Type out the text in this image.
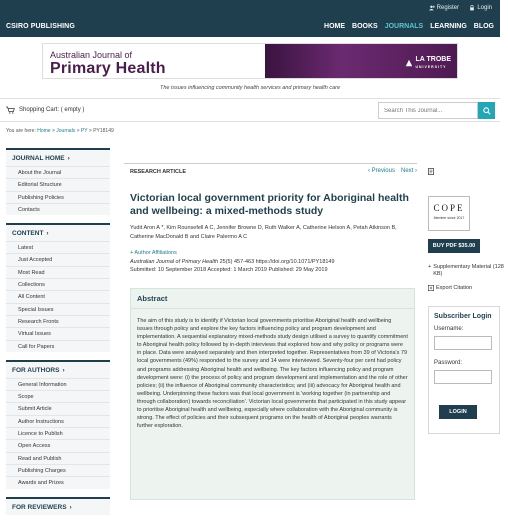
Register	Login
CSIRO PUBLISHING	HOME BOOKS JOURNALS LEARNING BLOG
Australian Journal of
Primary Health
LA TROBE
UNIVERSITY
The issues influencing community health services and primary health care
Shopping Cart: ( empty )
Search This Journal...
You are here: Home > Journals > PY > PY18149
JOURNAL HOME ›
About the Journal
Editorial Structure
Publishing Policies
Contacts
CONTENT ›
Latest
Just Accepted
Most Read
Collections
All Content
Special Issues
Research Fronts
Virtual Issues
Call for Papers
FOR AUTHORS ›
General Information
Scope
Submit Article
Author Instructions
Licence to Publish
Open Access
Read and Publish
Publishing Charges
Awards and Prizes
FOR REVIEWERS ›
RESEARCH ARTICLE	‹ Previous Next ›
Victorian local government priority for Aboriginal health and wellbeing: a mixed-methods study
Yudit Aron A *, Kim Rounsefell A C, Jennifer Browne D, Ruth Walker A, Catherine Helson A, Petah Atkinson B, Catherine MacDonald B and Claire Palermo A C
+ Author Affiliations
Australian Journal of Primary Health 25(5) 457-463 https://doi.org/10.1071/PY18149
Submitted: 10 September 2018 Accepted: 1 March 2019 Published: 29 May 2019
Abstract
The aim of this study is to identify if Victorian local governments prioritise Aboriginal health and wellbeing issues through policy and explore the key factors influencing policy and program development and implementation. A sequential explanatory mixed-methods study design utilised a survey to quantify commitment to Aboriginal health policy followed by in-depth interviews that explored how and why policy or programs were in place. Data were analysed separately and then interpreted together. Representatives from 39 of Victoria's 79 local governments (49%) responded to the survey and 14 were interviewed. Seventy-four per cent had policy and programs addressing Aboriginal health and wellbeing. The key factors influencing policy and program development were: (i) the process of policy and program development and implementation and the role of other policies; (ii) the influence of Aboriginal community characteristics; and (iii) advocacy for Aboriginal health and wellbeing. Underpinning these factors was that local government is 'working together (in partnership and through collaboration) towards reconciliation'. Victorian local governments that participated in this study appear to prioritise Aboriginal health and wellbeing, especially where collaboration with the Aboriginal community is strong. The effect of policies and their subsequent programs on the health of Aboriginal peoples warrants further exploration.
COPE
Member since 2017
BUY PDF $35.00
+ Supplementary Material (128 KB)
Export Citation
Subscriber Login
Username:
Password:
LOGIN
